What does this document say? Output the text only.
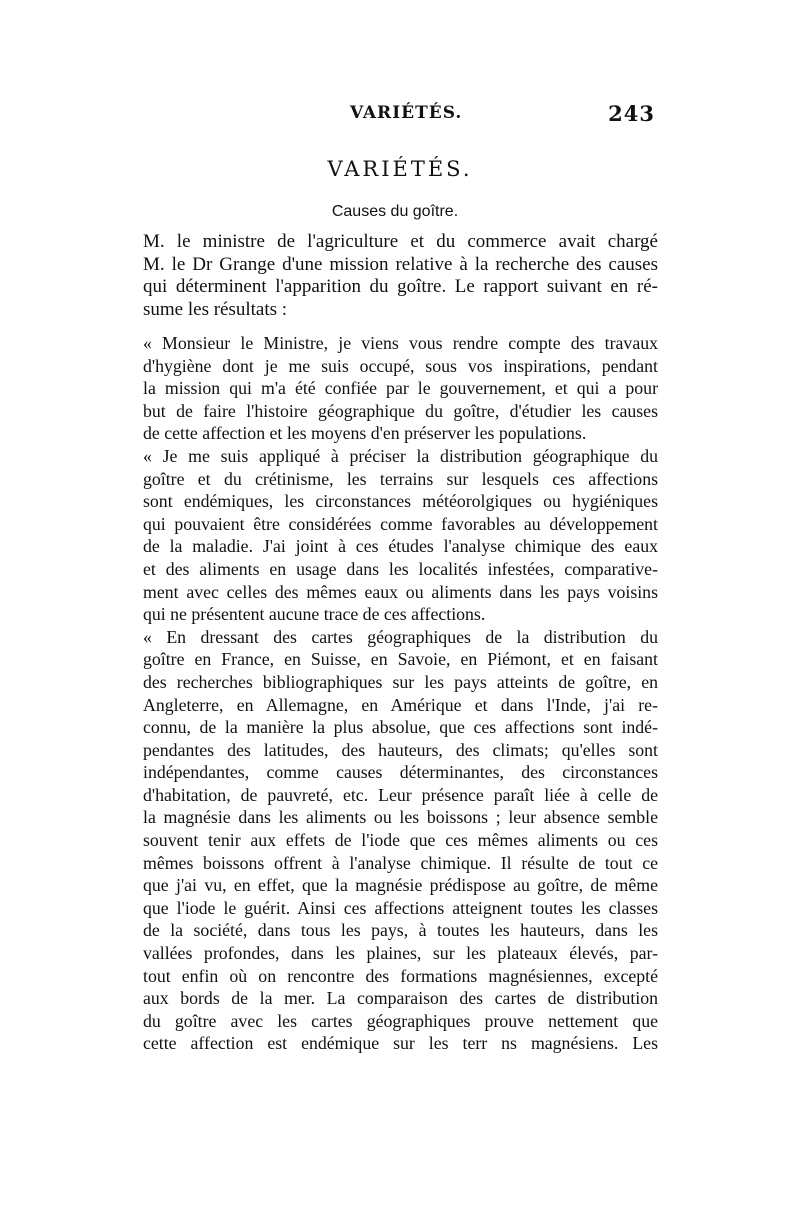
VARIÉTÉS.	243
VARIÉTÉS.
Causes du goître.
M. le ministre de l'agriculture et du commerce avait chargé
M. le Dr Grange d'une mission relative à la recherche des causes
qui déterminent l'apparition du goître. Le rapport suivant en ré-
sume les résultats :
« Monsieur le Ministre, je viens vous rendre compte des travaux
d'hygiène dont je me suis occupé, sous vos inspirations, pendant
la mission qui m'a été confiée par le gouvernement, et qui a pour
but de faire l'histoire géographique du goître, d'étudier les causes
de cette affection et les moyens d'en préserver les populations.
« Je me suis appliqué à préciser la distribution géographique du
goître et du crétinisme, les terrains sur lesquels ces affections
sont endémiques, les circonstances météorolgiques ou hygiéniques
qui pouvaient être considérées comme favorables au développement
de la maladie. J'ai joint à ces études l'analyse chimique des eaux
et des aliments en usage dans les localités infestées, comparative-
ment avec celles des mêmes eaux ou aliments dans les pays voisins
qui ne présentent aucune trace de ces affections.
« En dressant des cartes géographiques de la distribution du
goître en France, en Suisse, en Savoie, en Piémont, et en faisant
des recherches bibliographiques sur les pays atteints de goître, en
Angleterre, en Allemagne, en Amérique et dans l'Inde, j'ai re-
connu, de la manière la plus absolue, que ces affections sont indé-
pendantes des latitudes, des hauteurs, des climats; qu'elles sont
indépendantes, comme causes déterminantes, des circonstances
d'habitation, de pauvreté, etc. Leur présence paraît liée à celle de
la magnésie dans les aliments ou les boissons ; leur absence semble
souvent tenir aux effets de l'iode que ces mêmes aliments ou ces
mêmes boissons offrent à l'analyse chimique. Il résulte de tout ce
que j'ai vu, en effet, que la magnésie prédispose au goître, de même
que l'iode le guérit. Ainsi ces affections atteignent toutes les classes
de la société, dans tous les pays, à toutes les hauteurs, dans les
vallées profondes, dans les plaines, sur les plateaux élevés, par-
tout enfin où on rencontre des formations magnésiennes, excepté
aux bords de la mer. La comparaison des cartes de distribution
du goître avec les cartes géographiques prouve nettement que
cette affection est endémique sur les terr ns magnésiens. Les
